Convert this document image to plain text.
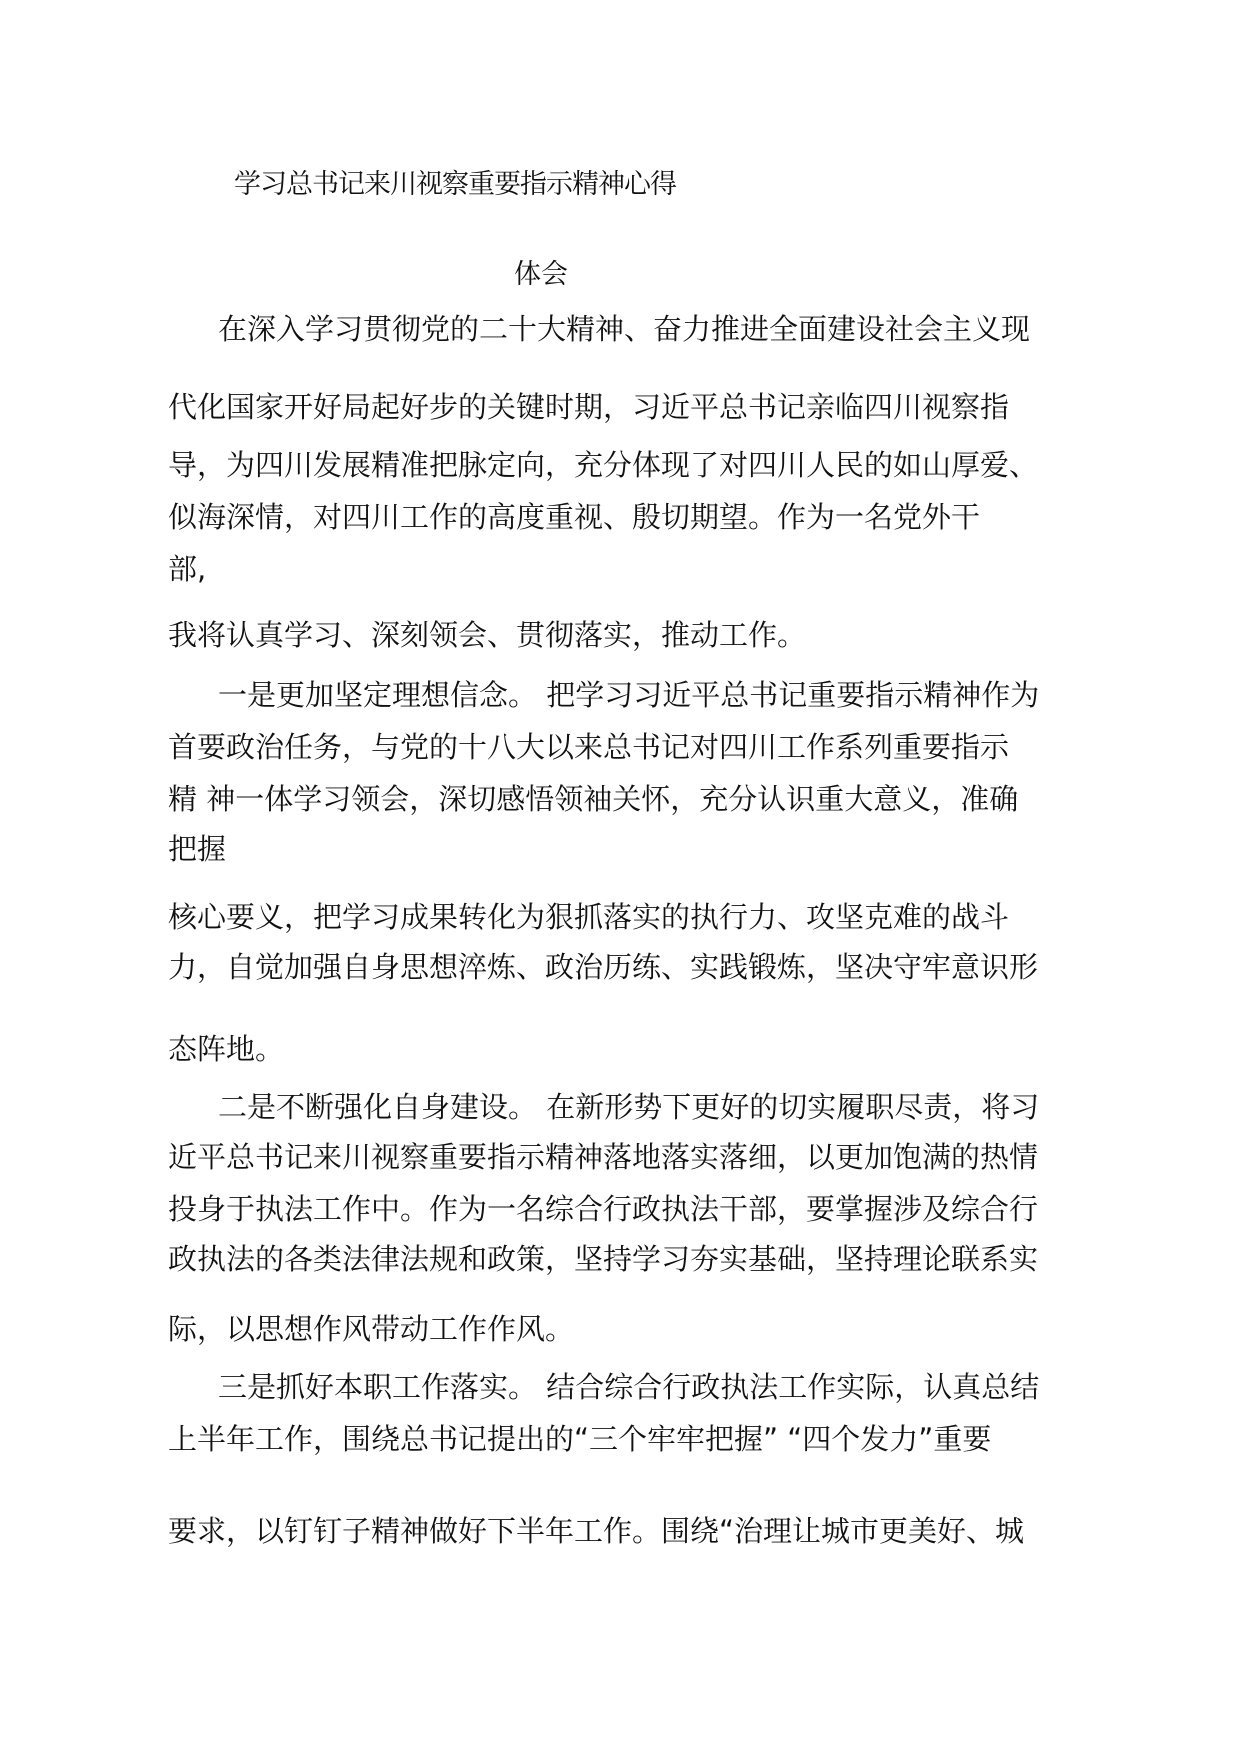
学习总书记来川视察重要指示精神心得
体会
在深入学习贯彻党的二十大精神、奋力推进全面建设社会主义现
代化国家开好局起好步的关键时期，习近平总书记亲临四川视察指
导，为四川发展精准把脉定向，充分体现了对四川人民的如山厚爱、
似海深情，对四川工作的高度重视、殷切期望。作为一名党外干
部,
我将认真学习、深刻领会、贯彻落实，推动工作。
一是更加坚定理想信念。 把学习习近平总书记重要指示精神作为
首要政治任务，与党的十八大以来总书记对四川工作系列重要指示
精 神一体学习领会，深切感悟领袖关怀，充分认识重大意义，准确
把握
核心要义，把学习成果转化为狠抓落实的执行力、攻坚克难的战斗
力，自觉加强自身思想淬炼、政治历练、实践锻炼，坚决守牢意识形
态阵地。
二是不断强化自身建设。 在新形势下更好的切实履职尽责，将习
近平总书记来川视察重要指示精神落地落实落细，以更加饱满的热情
投身于执法工作中。作为一名综合行政执法干部，要掌握涉及综合行
政执法的各类法律法规和政策，坚持学习夯实基础，坚持理论联系实
际，以思想作风带动工作作风。
三是抓好本职工作落实。 结合综合行政执法工作实际，认真总结
上半年工作，围绕总书记提出的“三个牢牢把握” “四个发力”重要
要求，以钉钉子精神做好下半年工作。围绕“治理让城市更美好、城
